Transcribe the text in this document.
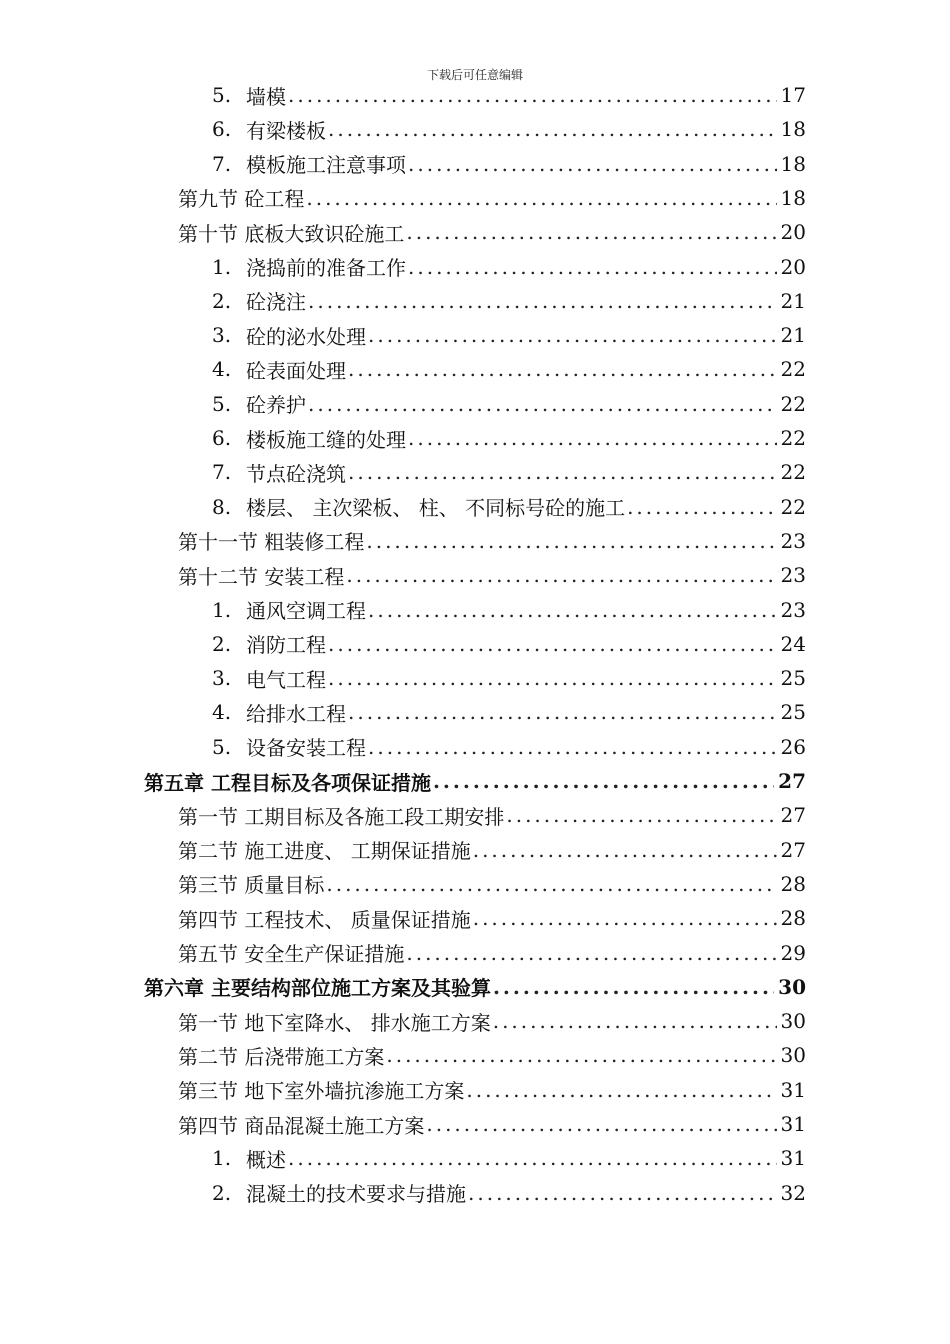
下载后可任意编辑
5. 墙模 .....	17
6. 有梁楼板 .....	18
7. 模板施工注意事项 .....	18
第九节 砼工程 .....	18
第十节 底板大致识砼施工 .....	20
1. 浇捣前的准备工作 .....	20
2. 砼浇注 .....	21
3. 砼的泌水处理 .....	21
4. 砼表面处理 .....	22
5. 砼养护 .....	22
6. 楼板施工缝的处理 .....	22
7. 节点砼浇筑 .....	22
8. 楼层、 主次梁板、 柱、 不同标号砼的施工 .....	22
第十一节 粗装修工程 .....	23
第十二节 安装工程 .....	23
1. 通风空调工程 .....	23
2. 消防工程 .....	24
3. 电气工程 .....	25
4. 给排水工程 .....	25
5. 设备安装工程 .....	26
第五章 工程目标及各项保证措施 .....	27
第一节 工期目标及各施工段工期安排 .....	27
第二节 施工进度、 工期保证措施 .....	27
第三节 质量目标 .....	28
第四节 工程技术、 质量保证措施 .....	28
第五节 安全生产保证措施 .....	29
第六章 主要结构部位施工方案及其验算 .....	30
第一节 地下室降水、 排水施工方案 .....	30
第二节 后浇带施工方案 .....	30
第三节 地下室外墙抗渗施工方案 .....	31
第四节 商品混凝土施工方案 .....	31
1. 概述 .....	31
2. 混凝土的技术要求与措施 .....	32
